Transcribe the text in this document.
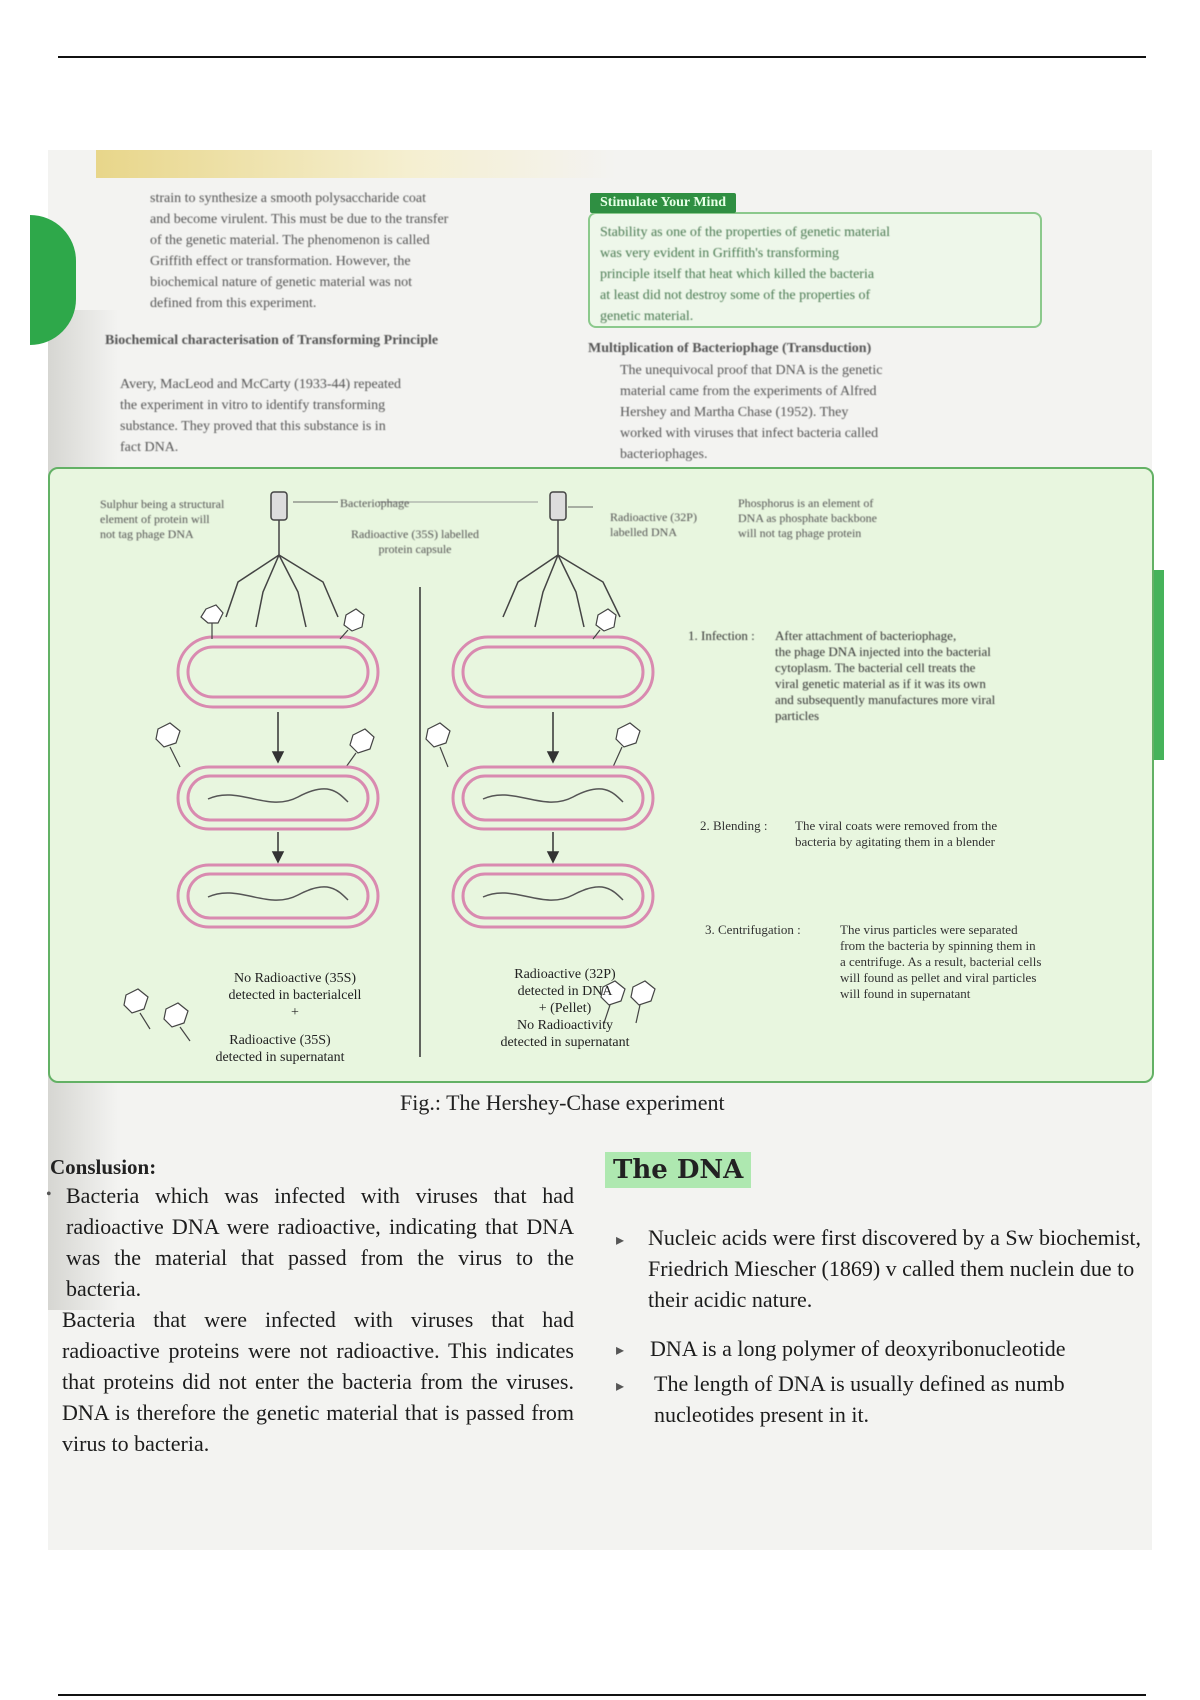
strain to synthesize a smooth polysaccharide coat
and become virulent. This must be due to the transfer
of the genetic material. The phenomenon is called
Griffith effect or transformation. However, the
biochemical nature of genetic material was not
defined from this experiment.
Biochemical characterisation of Transforming Principle
Avery, MacLeod and McCarty (1933-44) repeated
the experiment in vitro to identify transforming
substance. They proved that this substance is in
fact DNA.
Stimulate Your Mind
Stability as one of the properties of genetic material
was very evident in Griffith's transforming
principle itself that heat which killed the bacteria
at least did not destroy some of the properties of
genetic material.
Multiplication of Bacteriophage (Transduction)
The unequivocal proof that DNA is the genetic
material came from the experiments of Alfred
Hershey and Martha Chase (1952). They
worked with viruses that infect bacteria called
bacteriophages.
Sulphur being a structural
element of protein will
not tag phage DNA
Bacteriophage
Radioactive (35S) labelled
protein capsule
Radioactive (32P)
labelled DNA
Phosphorus is an element of
DNA as phosphate backbone
will not tag phage protein
1. Infection : After attachment of bacteriophage,
the phage DNA injected into the bacterial
cytoplasm. The bacterial cell treats the
viral genetic material as if it was its own
and subsequently manufactures more viral
particles
2. Blending : The viral coats were removed from the
bacteria by agitating them in a blender
3. Centrifugation :	The virus particles were separated
from the bacteria by spinning them in
a centrifuge. As a result, bacterial cells
will found as pellet and viral particles
will found in supernatant
No Radioactive (35S)
detected in bacterialcell
+
Radioactive (35S)
detected in supernatant
Radioactive (32P)
detected in DNA
+ (Pellet)
No Radioactivity
detected in supernatant
Fig.: The Hershey-Chase experiment
Conslusion:
• Bacteria which was infected with viruses that had radioactive DNA were radioactive, indicating that DNA was the material that passed from the virus to the bacteria.
Bacteria that were infected with viruses that had radioactive proteins were not radioactive. This indicates that proteins did not enter the bacteria from the viruses. DNA is therefore the genetic material that is passed from virus to bacteria.
The DNA
▸ Nucleic acids were first discovered by a Sw biochemist, Friedrich Miescher (1869) v called them nuclein due to their acidic nature.
▸ DNA is a long polymer of deoxyribonucleotide
▸ The length of DNA is usually defined as numb nucleotides present in it.
